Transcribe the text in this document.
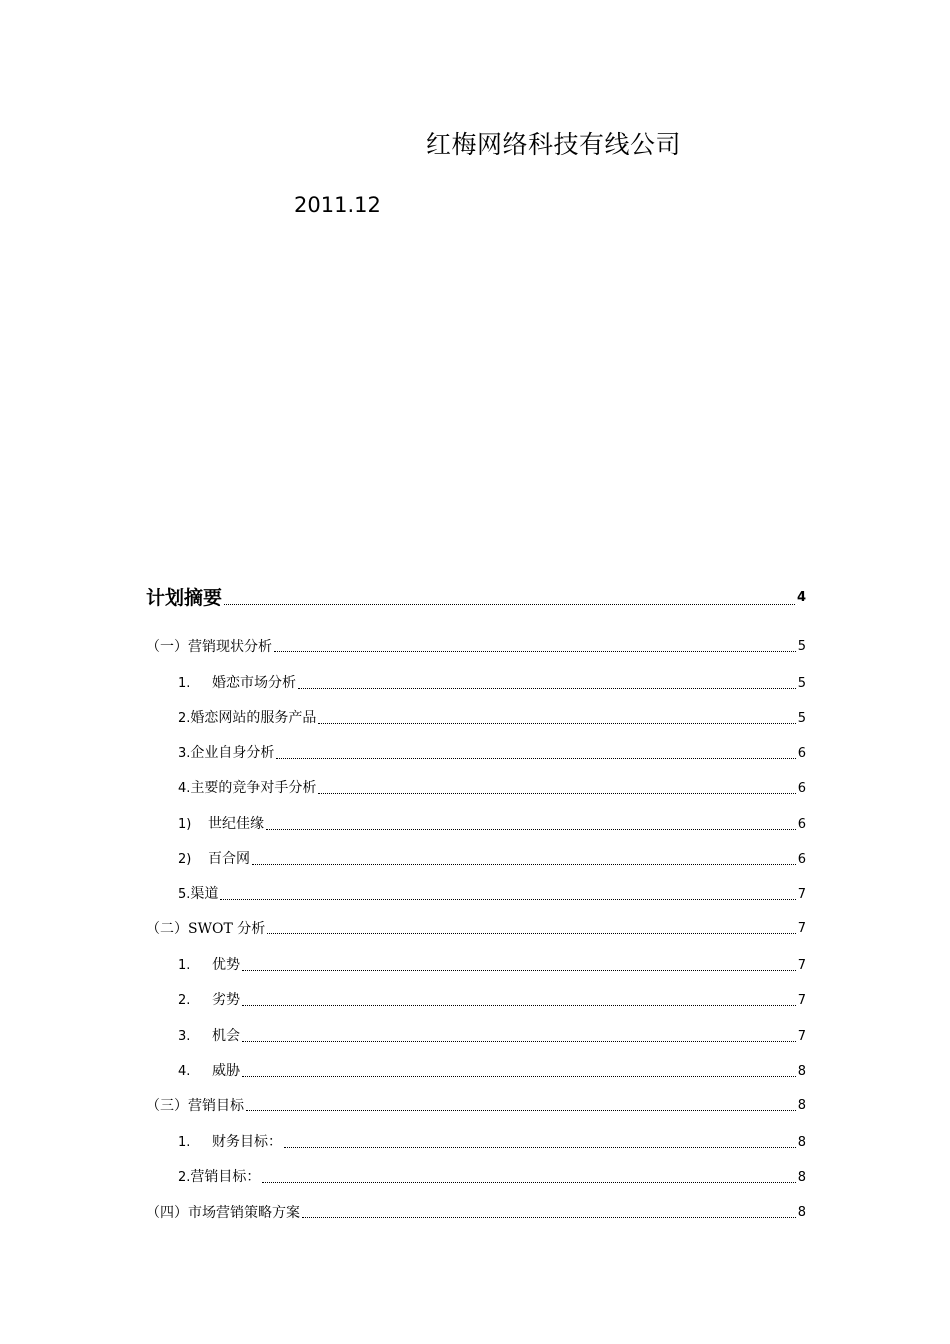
红梅网络科技有线公司
2011.12
计划摘要	4
（一）营销现状分析	5
1. 婚恋市场分析	5
2.婚恋网站的服务产品	5
3.企业自身分析	6
4.主要的竞争对手分析	6
1) 世纪佳缘	6
2) 百合网	6
5.渠道	7
（二）SWOT 分析	7
1. 优势	7
2. 劣势	7
3. 机会	7
4. 威胁	8
（三）营销目标	8
1. 财务目标：	8
2.营销目标：	8
（四）市场营销策略方案	8
